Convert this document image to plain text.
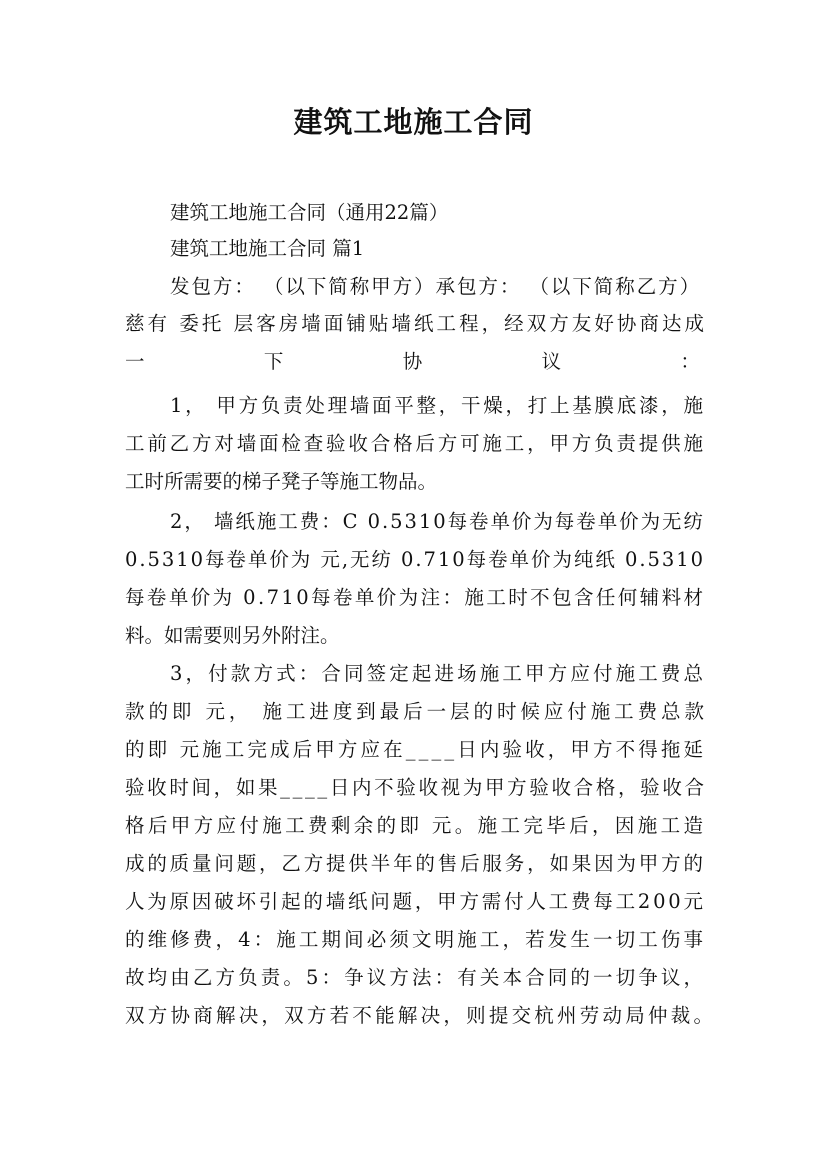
建筑工地施工合同

建筑工地施工合同（通用22篇）

建筑工地施工合同 篇1

发包方： （以下简称甲方）承包方： （以下简称乙方）

慈有 委托 层客房墙面铺贴墙纸工程，经双方友好协商达成

一下协议：

1， 甲方负责处理墙面平整，干燥，打上基膜底漆，施

工前乙方对墙面检查验收合格后方可施工，甲方负责提供施

工时所需要的梯子凳子等施工物品。

2， 墙纸施工费：C 0.5310每卷单价为每卷单价为无纺

0.5310每卷单价为 元,无纺 0.710每卷单价为纯纸 0.5310

每卷单价为 0.710每卷单价为注：施工时不包含任何辅料材

料。如需要则另外附注。

3，付款方式：合同签定起进场施工甲方应付施工费总

款的即 元， 施工进度到最后一层的时候应付施工费总款

的即 元施工完成后甲方应在____日内验收，甲方不得拖延

验收时间，如果____日内不验收视为甲方验收合格，验收合

格后甲方应付施工费剩余的即 元。施工完毕后，因施工造

成的质量问题，乙方提供半年的售后服务，如果因为甲方的

人为原因破坏引起的墙纸问题，甲方需付人工费每工200元

的维修费，4：施工期间必须文明施工，若发生一切工伤事

故均由乙方负责。5：争议方法：有关本合同的一切争议，

双方协商解决，双方若不能解决，则提交杭州劳动局仲裁。
